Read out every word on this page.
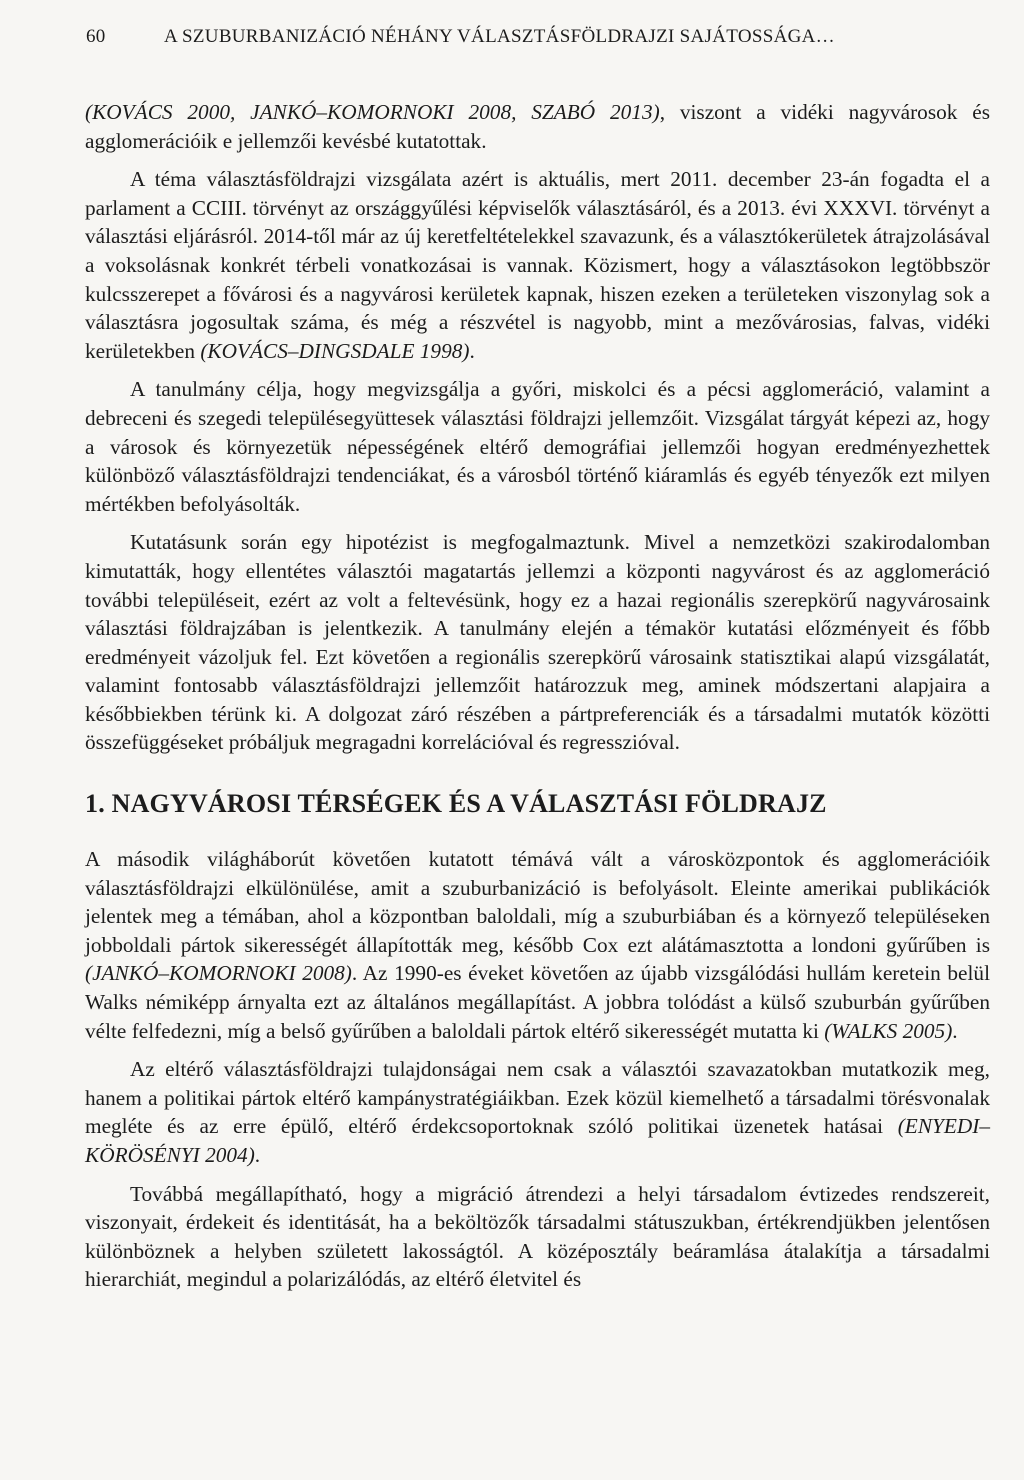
60	A SZUBURBANIZÁCIÓ NÉHÁNY VÁLASZTÁSFÖLDRAJZI SAJÁTOSSÁGA…

(KOVÁCS 2000, JANKÓ–KOMORNOKI 2008, SZABÓ 2013), viszont a vidéki nagyvárosok és agglomerációik e jellemzői kevésbé kutatottak.

A téma választásföldrajzi vizsgálata azért is aktuális, mert 2011. december 23-án fogadta el a parlament a CCIII. törvényt az országgyűlési képviselők választásáról, és a 2013. évi XXXVI. törvényt a választási eljárásról. 2014-től már az új keretfeltételekkel szavazunk, és a választókerületek átrajzolásával a voksolásnak konkrét térbeli vonatkozásai is vannak. Közismert, hogy a választásokon legtöbbször kulcsszerepet a fővárosi és a nagyvárosi kerületek kapnak, hiszen ezeken a területeken viszonylag sok a választásra jogosultak száma, és még a részvétel is nagyobb, mint a mezővárosias, falvas, vidéki kerületekben (KOVÁCS–DINGSDALE 1998).

A tanulmány célja, hogy megvizsgálja a győri, miskolci és a pécsi agglomeráció, valamint a debreceni és szegedi településegyüttesek választási földrajzi jellemzőit. Vizsgálat tárgyát képezi az, hogy a városok és környezetük népességének eltérő demográfiai jellemzői hogyan eredményezhettek különböző választásföldrajzi tendenciákat, és a városból történő kiáramlás és egyéb tényezők ezt milyen mértékben befolyásolták.

Kutatásunk során egy hipotézist is megfogalmaztunk. Mivel a nemzetközi szakirodalomban kimutatták, hogy ellentétes választói magatartás jellemzi a központi nagyvárost és az agglomeráció további településeit, ezért az volt a feltevésünk, hogy ez a hazai regionális szerepkörű nagyvárosaink választási földrajzában is jelentkezik. A tanulmány elején a témakör kutatási előzményeit és főbb eredményeit vázoljuk fel. Ezt követően a regionális szerepkörű városaink statisztikai alapú vizsgálatát, valamint fontosabb választásföldrajzi jellemzőit határozzuk meg, aminek módszertani alapjaira a későbbiekben térünk ki. A dolgozat záró részében a pártpreferenciák és a társadalmi mutatók közötti összefüggéseket próbáljuk megragadni korrelációval és regresszióval.

1. NAGYVÁROSI TÉRSÉGEK ÉS A VÁLASZTÁSI FÖLDRAJZ

A második világháborút követően kutatott témává vált a városközpontok és agglomerációik választásföldrajzi elkülönülése, amit a szuburbanizáció is befolyásolt. Eleinte amerikai publikációk jelentek meg a témában, ahol a központban baloldali, míg a szuburbiában és a környező településeken jobboldali pártok sikerességét állapították meg, később Cox ezt alátámasztotta a londoni gyűrűben is (JANKÓ–KOMORNOKI 2008). Az 1990-es éveket követően az újabb vizsgálódási hullám keretein belül Walks némiképp árnyalta ezt az általános megállapítást. A jobbra tolódást a külső szuburbán gyűrűben vélte felfedezni, míg a belső gyűrűben a baloldali pártok eltérő sikerességét mutatta ki (WALKS 2005).

Az eltérő választásföldrajzi tulajdonságai nem csak a választói szavazatokban mutatkozik meg, hanem a politikai pártok eltérő kampánystratégiáikban. Ezek közül kiemelhető a társadalmi törésvonalak megléte és az erre épülő, eltérő érdekcsoportoknak szóló politikai üzenetek hatásai (ENYEDI–KÖRÖSÉNYI 2004).

Továbbá megállapítható, hogy a migráció átrendezi a helyi társadalom évtizedes rendszereit, viszonyait, érdekeit és identitását, ha a beköltözők társadalmi státuszukban, értékrendjükben jelentősen különböznek a helyben született lakosságtól. A középosztály beáramlása átalakítja a társadalmi hierarchiát, megindul a polarizálódás, az eltérő életvitel és
